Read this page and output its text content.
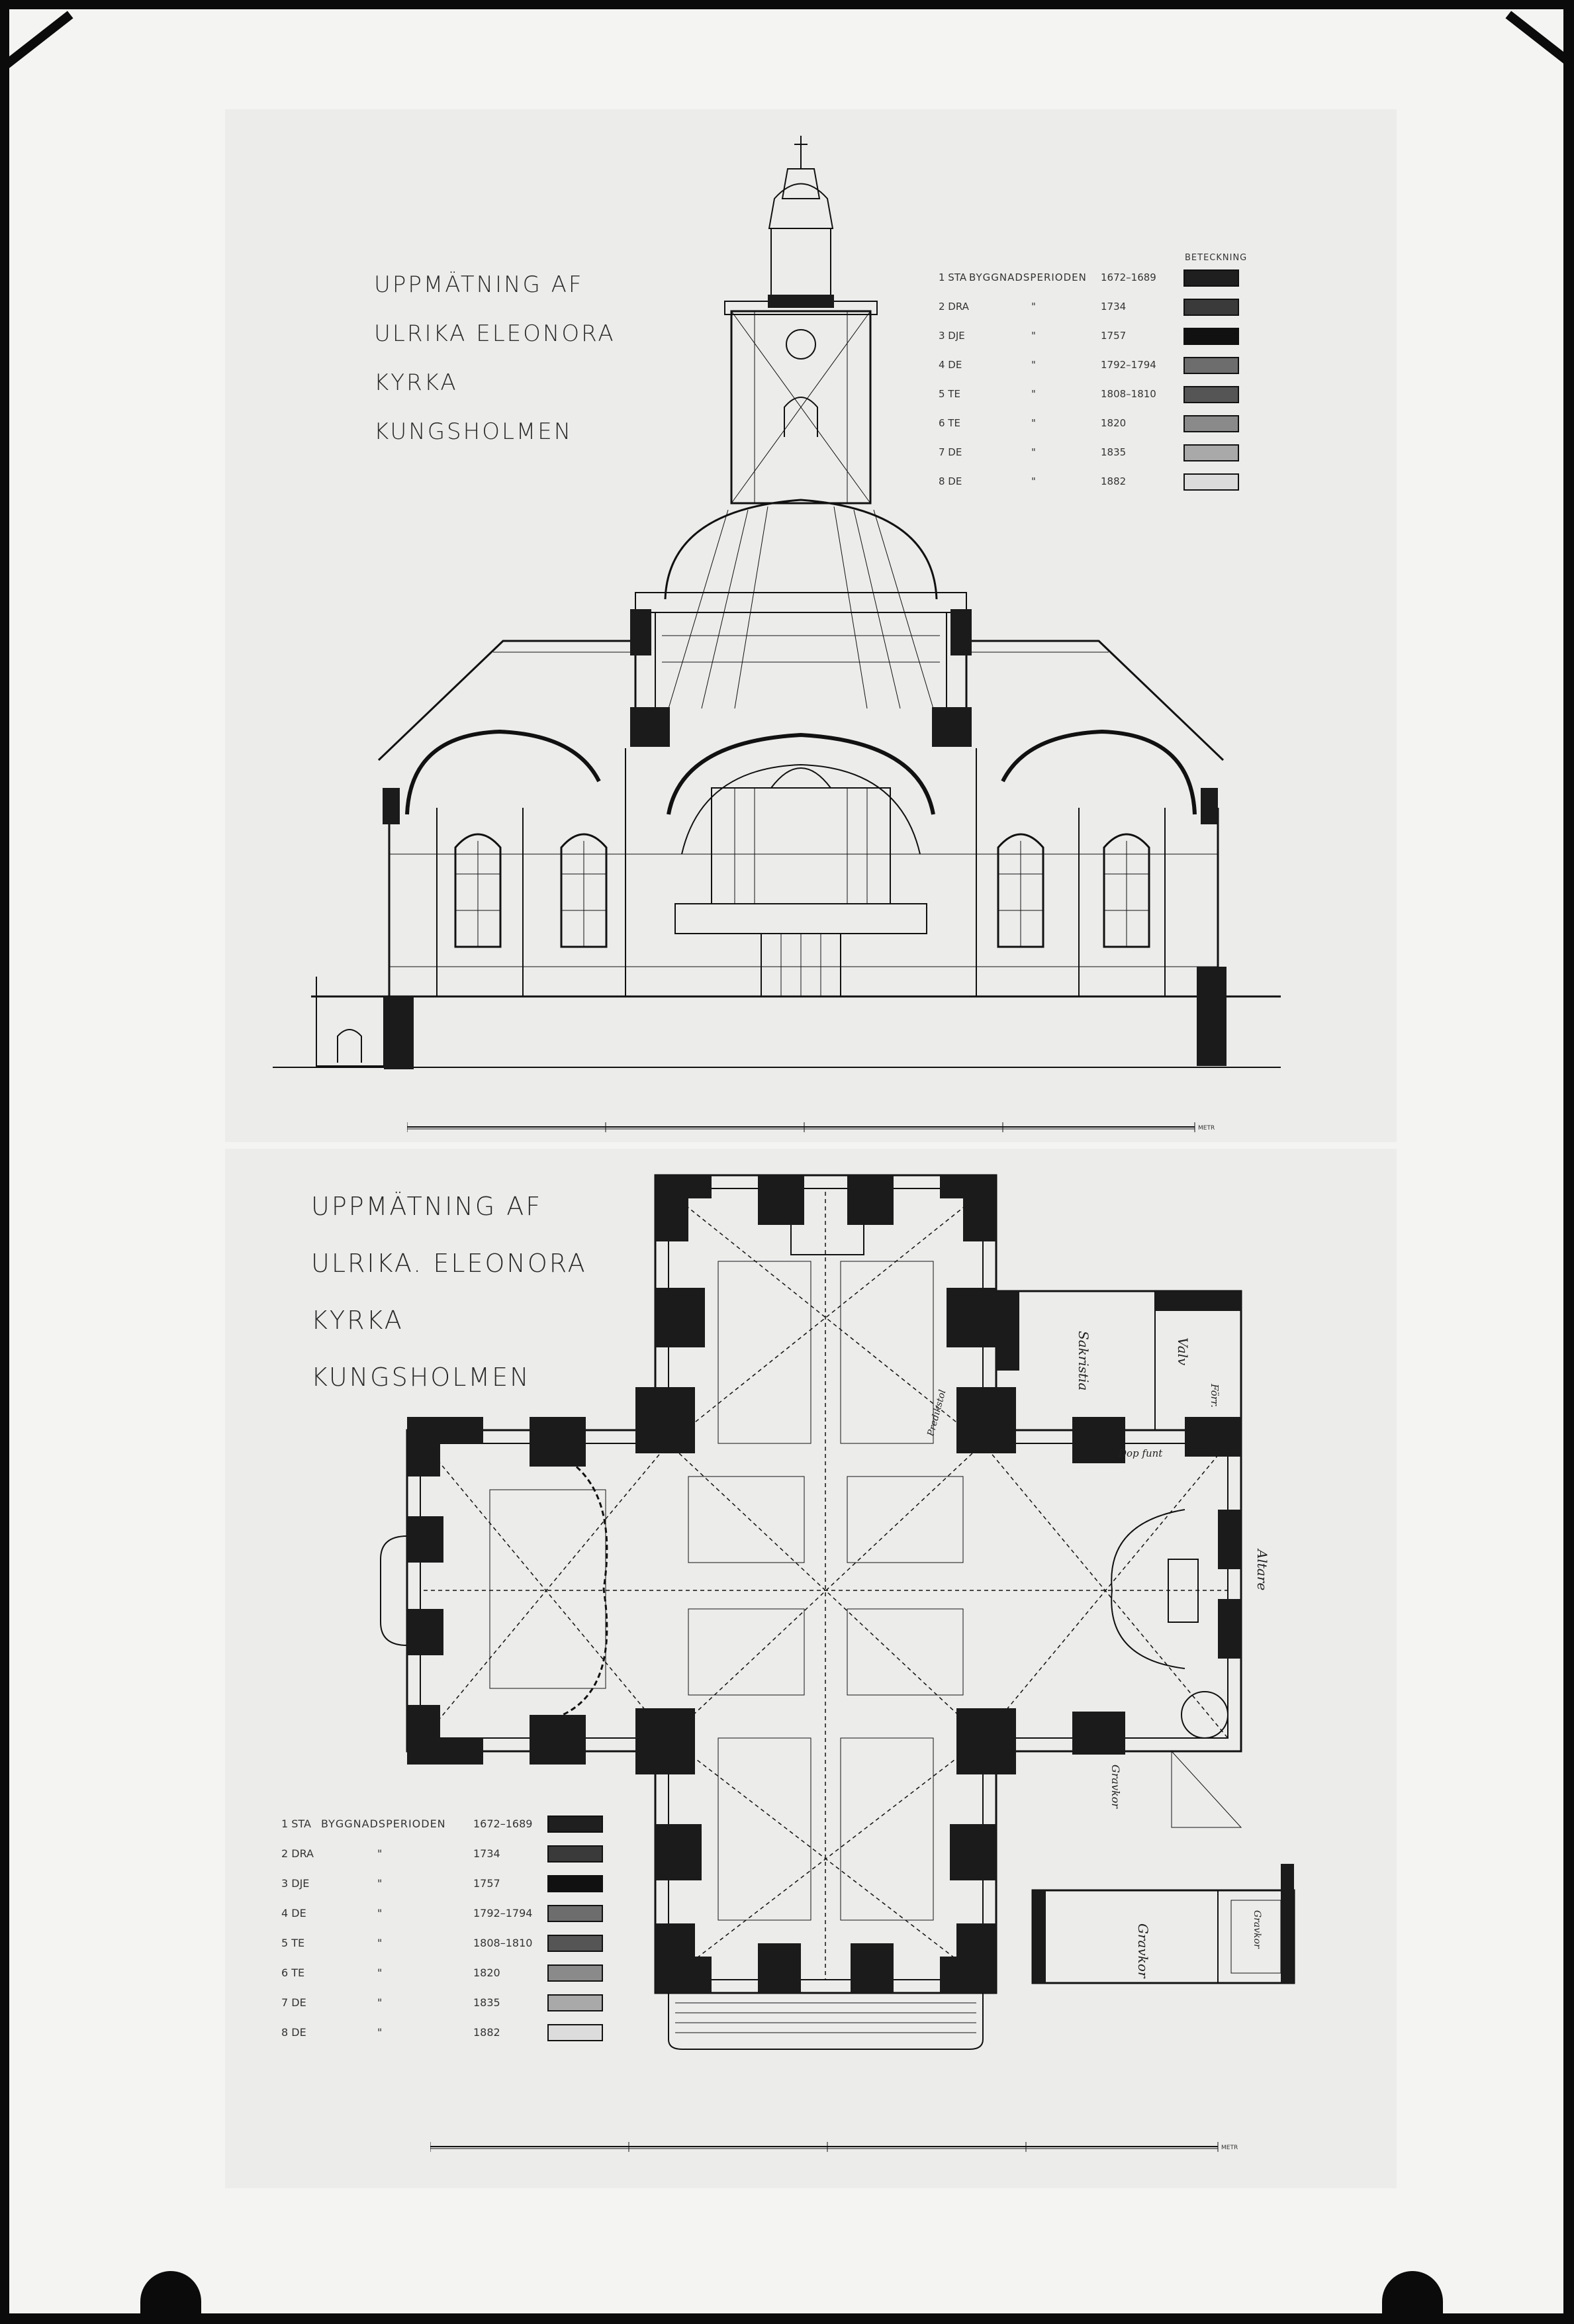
UPPMÄTNING AF
ULRIKA ELEONORA
KYRKA
KUNGSHOLMEN
BETECKNING
1 STA BYGGNADSPERIODEN 1672–1689
2 DRA	"	1734
3 DJE	"	1757
4 DE	"	1792–1794
5 TE	"	1808–1810
6 TE	"	1820
7 DE	"	1835
8 DE	"	1882
METR
UPPMÄTNING AF
ULRIKA. ELEONORA
KYRKA
KUNGSHOLMEN
1 STA BYGGNADSPERIODEN	1672–1689
2 DRA	"	1734
3 DJE	"	1757
4 DE	"	1792–1794
5 TE	"	1808–1810
6 TE	"	1820
7 DE	"	1835
8 DE	"	1882
Sakristia	Valv
Förr.
Dop funt
Predikstol
Altare
Gravkor
Gravkor	Gravkor
METR
